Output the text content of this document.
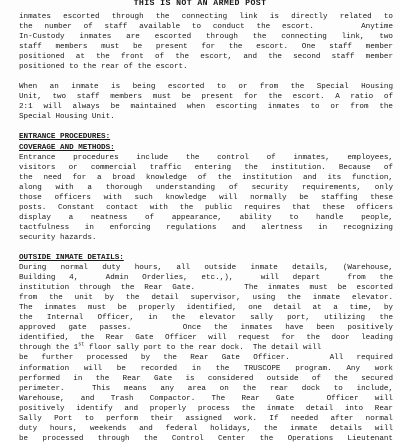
THIS IS NOT AN ARMED POST
inmates escorted through the connecting link is directly related to
the number of staff available to conduct the escort.    Anytime
In-Custody inmates are escorted through the connecting link, two
staff members must be present for the escort. One staff member
positioned at the front of the escort, and the second staff member
positioned to the rear of the escort.
When an inmate is being escorted to or from the Special Housing
Unit, two staff members must be present for the escort. A ratio of
2:1 will always be maintained when escorting inmates to or from the
Special Housing Unit.
ENTRANCE PROCEDURES:
COVERAGE AND METHODS:
Entrance procedures include the control of inmates, employees,
visitors or commercial traffic entering the institution. Because of
the need for a broad knowledge of the institution and its function,
along with a thorough understanding of security requirements, only
those officers with such knowledge will normally be staffing these
posts. Constant contact with the public requires that these officers
display a neatness of appearance, ability to handle people,
tactfulness in enforcing regulations and alertness in recognizing
security hazards.
OUTSIDE INMATE DETAILS:
During normal duty hours, all outside inmate details, (Warehouse,
Building 4,  Admin Orderlies, etc.,),  will depart  from the
institution through the Rear Gate.     The inmates must be escorted
from the unit by the detail supervisor, using the inmate elevator.
The inmates must be properly identified, one detail at a time, by
the Internal Officer, in the elevator sally port, utilizing the
approved gate passes.    Once the inmates have been positively
identified, the Rear Gate Officer will request for the door leading
through the 1st floor sally port to the rear dock.  The detail will
be further processed by the Rear Gate Officer.   All required
information will be recorded in the TRUSCOPE program. Any work
performed in the Rear Gate is considered outside of the secured
perimeter.  This means any area on the rear dock to include,
Warehouse, and Trash Compactor. The Rear Gate  Officer will
positively identify and properly process the inmate detail into Rear
Sally Port to perform their assigned work. If needed after normal
duty hours, weekends and federal holidays, the inmate details will
be processed through the Control Center the Operations Lieutenant
